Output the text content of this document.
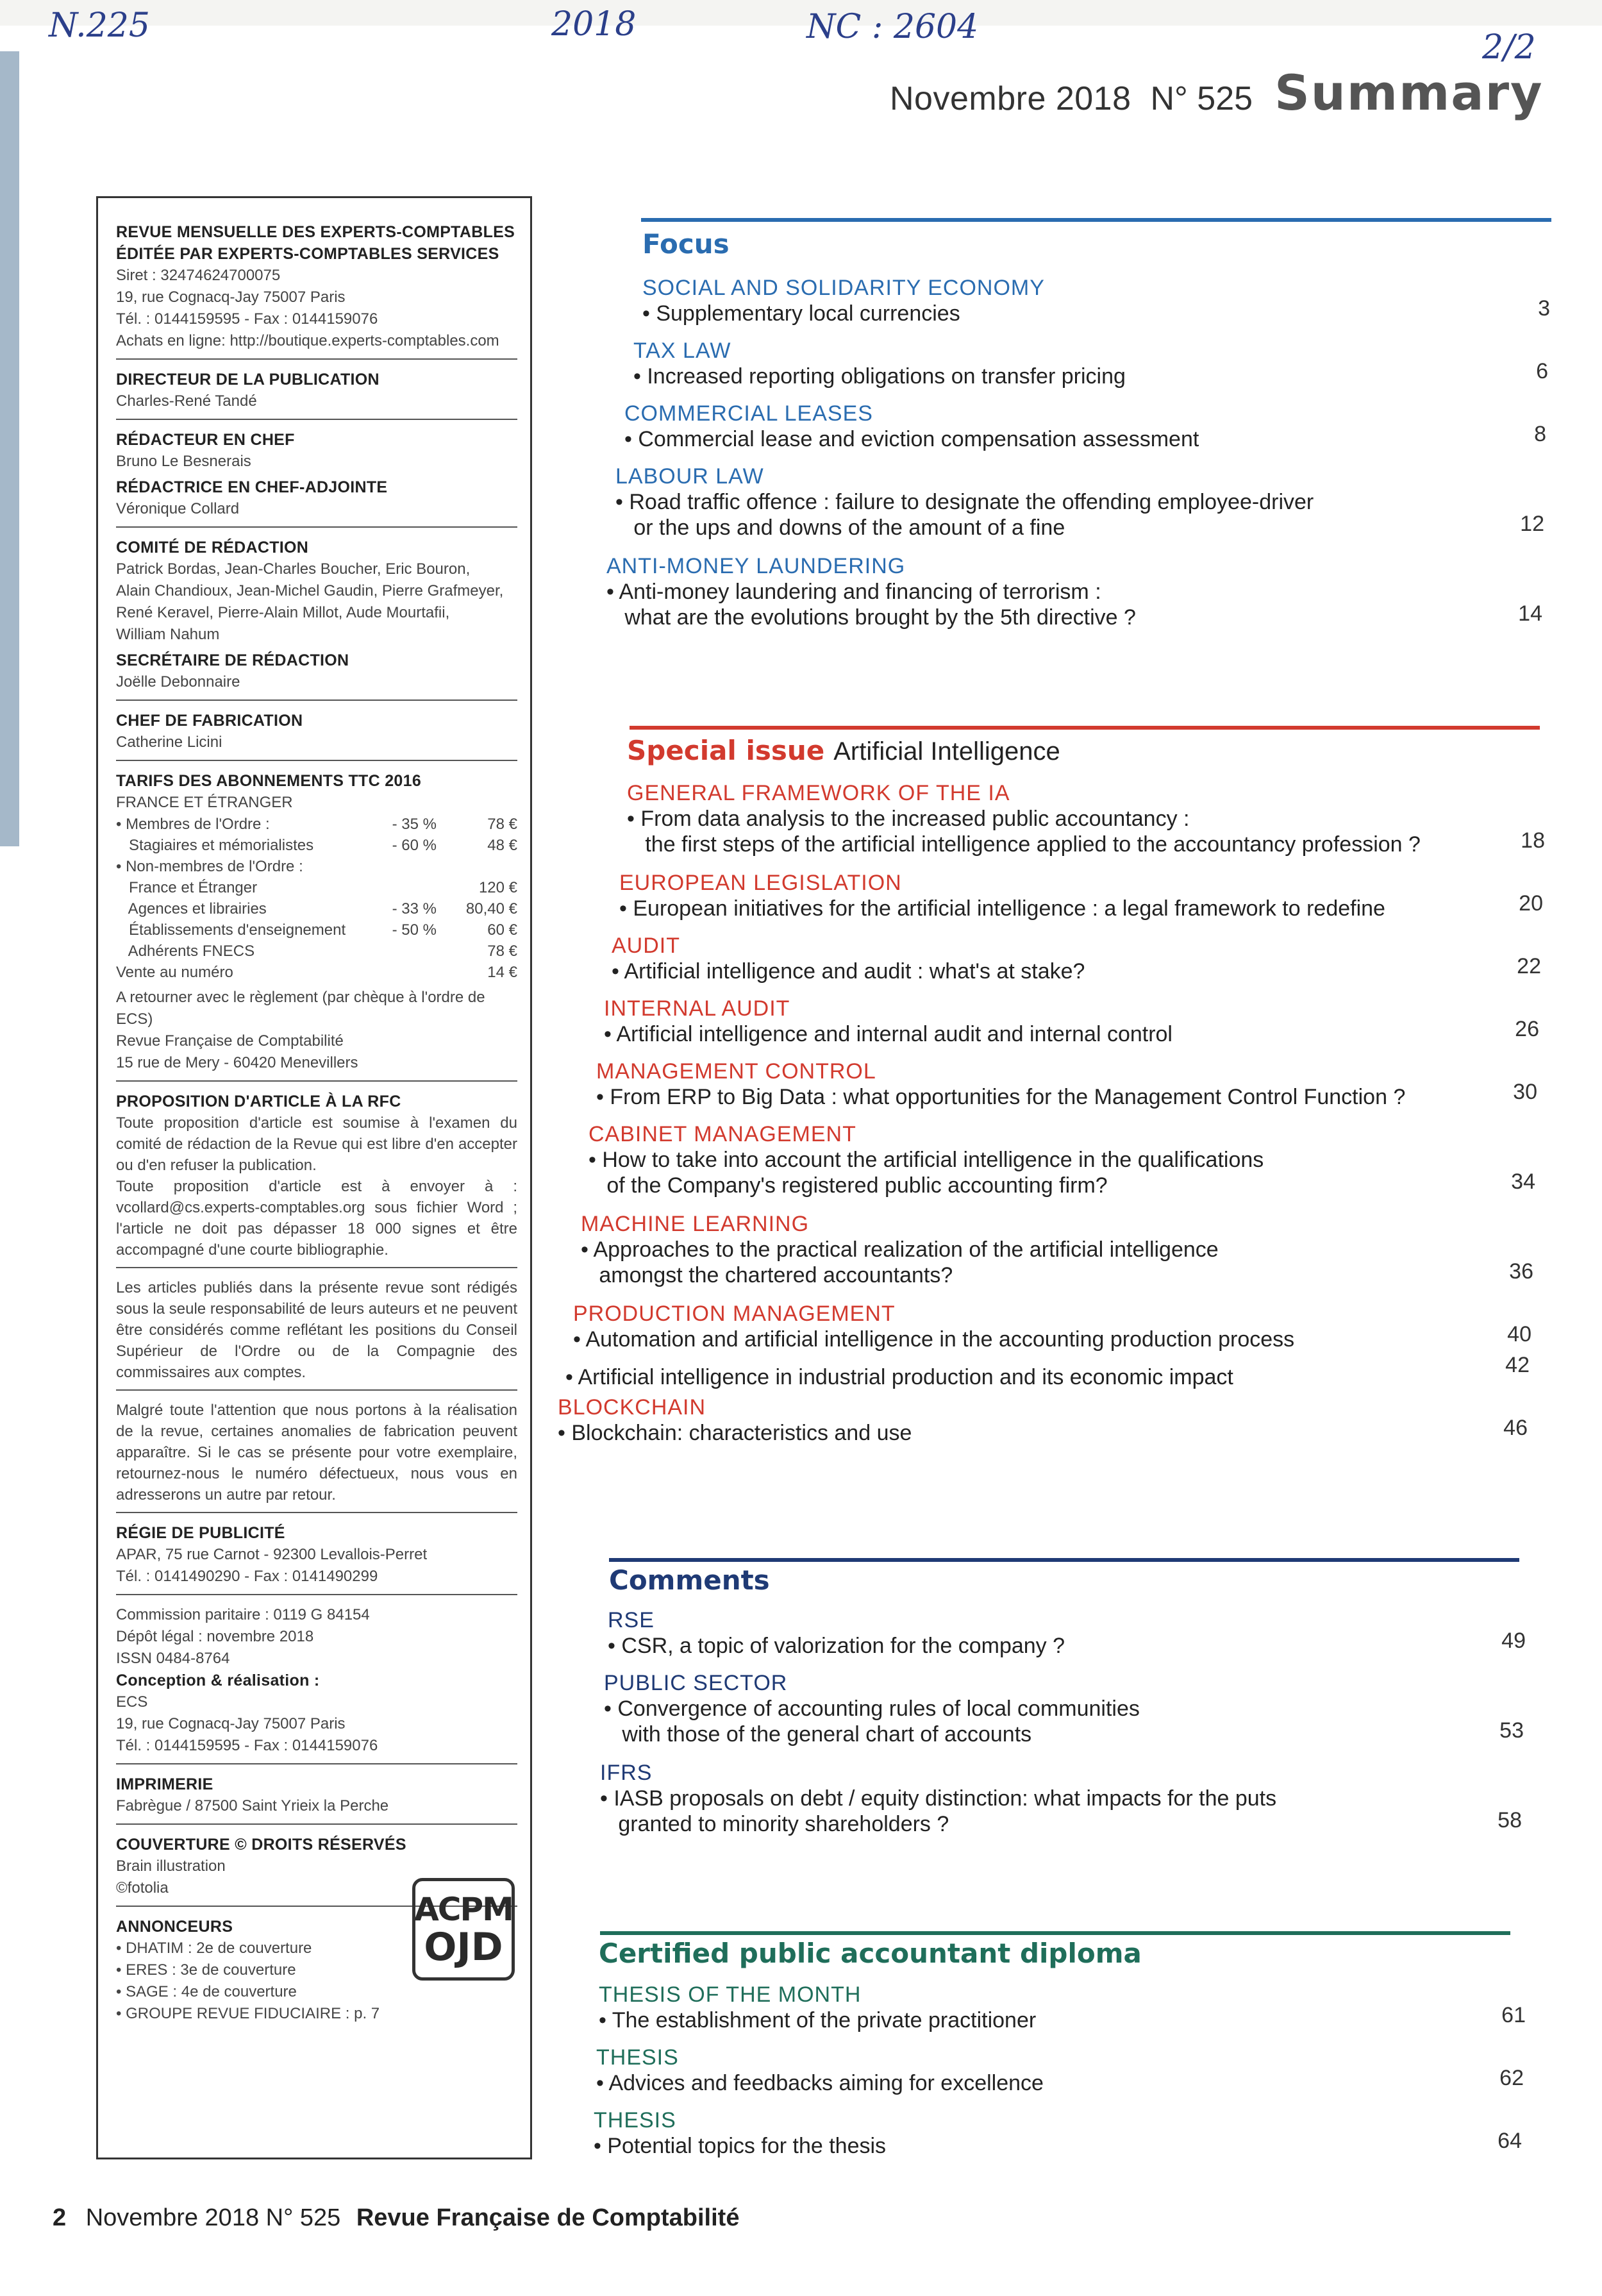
N.225	2018	NC : 2604
2/2
Novembre 2018 N° 525 Summary
REVUE MENSUELLE DES EXPERTS-COMPTABLES
ÉDITÉE PAR EXPERTS-COMPTABLES SERVICES
Siret : 32474624700075
19, rue Cognacq-Jay 75007 Paris
Tél. : 0144159595 - Fax : 0144159076
Achats en ligne: http://boutique.experts-comptables.com
DIRECTEUR DE LA PUBLICATION
Charles-René Tandé
RÉDACTEUR EN CHEF
Bruno Le Besnerais
RÉDACTRICE EN CHEF-ADJOINTE
Véronique Collard
COMITÉ DE RÉDACTION
Patrick Bordas, Jean-Charles Boucher, Eric Bouron,
Alain Chandioux, Jean-Michel Gaudin, Pierre Grafmeyer,
René Keravel, Pierre-Alain Millot, Aude Mourtafii,
William Nahum
SECRÉTAIRE DE RÉDACTION
Joëlle Debonnaire
CHEF DE FABRICATION
Catherine Licini
TARIFS DES ABONNEMENTS TTC 2016
FRANCE ET ÉTRANGER
• Membres de l'Ordre :	- 35 %	78 €
Stagiaires et mémorialistes	- 60 %	48 €
• Non-membres de l'Ordre :		
France et Étranger		120 €
Agences et librairies	- 33 %	80,40 €
Établissements d'enseignement	- 50 %	60 €
Adhérents FNECS		78 €
Vente au numéro		14 €
A retourner avec le règlement (par chèque à l'ordre de ECS)
Revue Française de Comptabilité
15 rue de Mery - 60420 Menevillers
PROPOSITION D'ARTICLE À LA RFC
Toute proposition d'article est soumise à l'examen du comité de rédaction de la Revue qui est libre d'en accepter ou d'en refuser la publication.
Toute proposition d'article est à envoyer à : vcollard@cs.experts-comptables.org sous fichier Word ; l'article ne doit pas dépasser 18 000 signes et être accompagné d'une courte bibliographie.
Les articles publiés dans la présente revue sont rédigés sous la seule responsabilité de leurs auteurs et ne peuvent être considérés comme reflétant les positions du Conseil Supérieur de l'Ordre ou de la Compagnie des commissaires aux comptes.
Malgré toute l'attention que nous portons à la réalisation de la revue, certaines anomalies de fabrication peuvent apparaître. Si le cas se présente pour votre exemplaire, retournez-nous le numéro défectueux, nous vous en adresserons un autre par retour.
RÉGIE DE PUBLICITÉ
APAR, 75 rue Carnot - 92300 Levallois-Perret
Tél. : 0141490290 - Fax : 0141490299
Commission paritaire : 0119 G 84154
Dépôt légal : novembre 2018
ISSN 0484-8764
Conception & réalisation :
ECS
19, rue Cognacq-Jay 75007 Paris
Tél. : 0144159595 - Fax : 0144159076
IMPRIMERIE
Fabrègue / 87500 Saint Yrieix la Perche
COUVERTURE © DROITS RÉSERVÉS
Brain illustration
©fotolia
ANNONCEURS
• DHATIM : 2e de couverture
• ERES : 3e de couverture
• SAGE : 4e de couverture
• GROUPE REVUE FIDUCIAIRE : p. 7
ACPM
OJD
Focus
SOCIAL AND SOLIDARITY ECONOMY
• Supplementary local currencies	3
TAX LAW
• Increased reporting obligations on transfer pricing	6
COMMERCIAL LEASES
• Commercial lease and eviction compensation assessment	8
LABOUR LAW
• Road traffic offence : failure to designate the offending employee-driver
or the ups and downs of the amount of a fine	12
ANTI-MONEY LAUNDERING
• Anti-money laundering and financing of terrorism :
what are the evolutions brought by the 5th directive ?	14
Special issue Artificial Intelligence
GENERAL FRAMEWORK OF THE IA
• From data analysis to the increased public accountancy :
the first steps of the artificial intelligence applied to the accountancy profession ?	18
EUROPEAN LEGISLATION
• European initiatives for the artificial intelligence : a legal framework to redefine	20
AUDIT
• Artificial intelligence and audit : what's at stake?	22
INTERNAL AUDIT
• Artificial intelligence and internal audit and internal control	26
MANAGEMENT CONTROL
• From ERP to Big Data : what opportunities for the Management Control Function ?	30
CABINET MANAGEMENT
• How to take into account the artificial intelligence in the qualifications
of the Company's registered public accounting firm?	34
MACHINE LEARNING
• Approaches to the practical realization of the artificial intelligence
amongst the chartered accountants?	36
PRODUCTION MANAGEMENT
• Automation and artificial intelligence in the accounting production process	40
• Artificial intelligence in industrial production and its economic impact	42
BLOCKCHAIN
• Blockchain: characteristics and use	46
Comments
RSE
• CSR, a topic of valorization for the company ?	49
PUBLIC SECTOR
• Convergence of accounting rules of local communities
with those of the general chart of accounts	53
IFRS
• IASB proposals on debt / equity distinction: what impacts for the puts
granted to minority shareholders ?	58
Certified public accountant diploma
THESIS OF THE MONTH
• The establishment of the private practitioner	61
THESIS
• Advices and feedbacks aiming for excellence	62
THESIS
• Potential topics for the thesis	64
2 Novembre 2018 N° 525 Revue Française de Comptabilité
